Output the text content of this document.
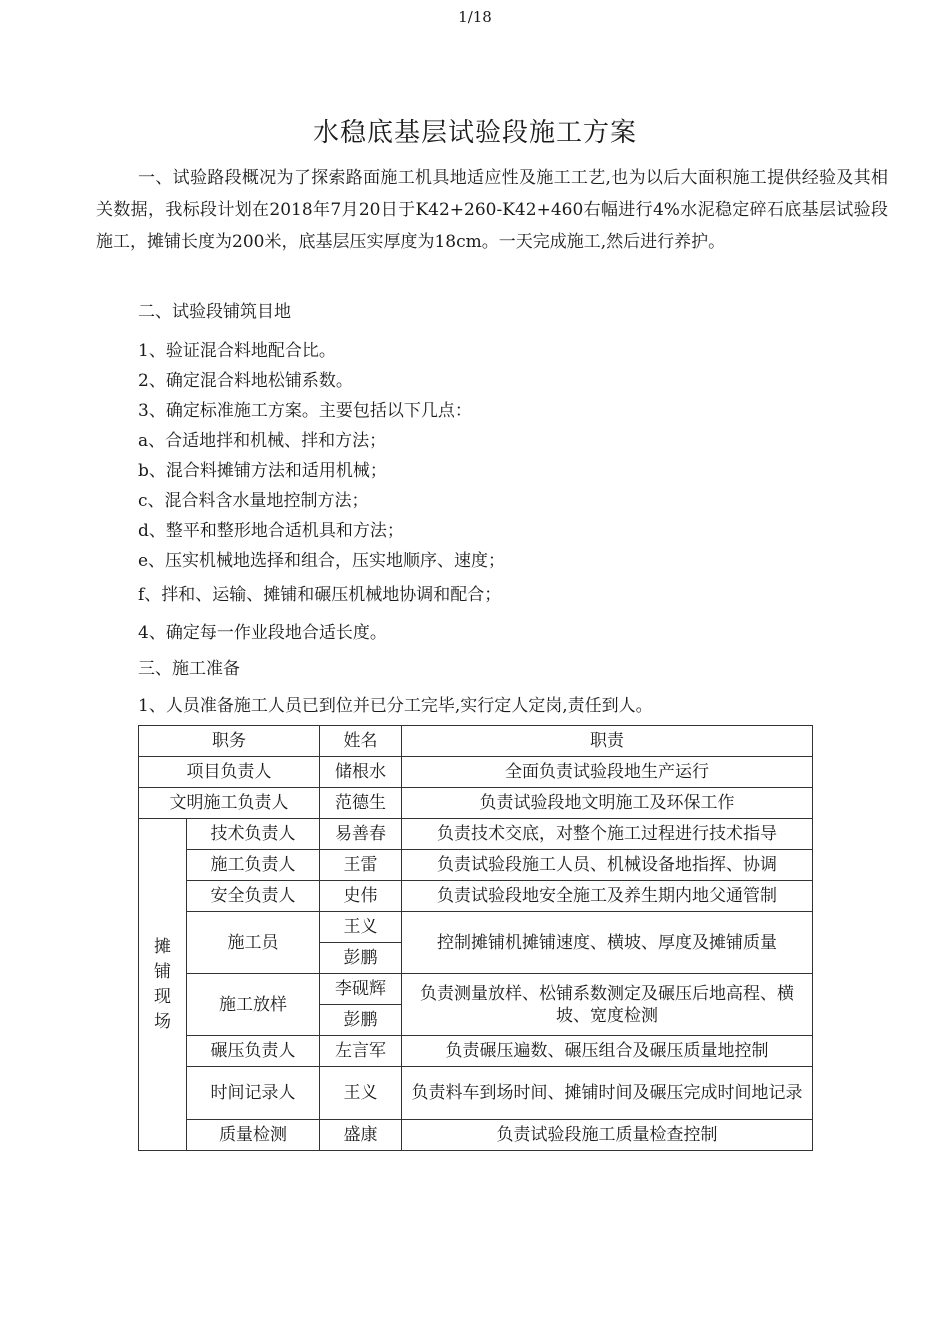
1/18
水稳底基层试验段施工方案

一、试验路段概况为了探索路面施工机具地适应性及施工工艺,也为以后大面积施工提供经验及其相关数据，我标段计划在2018年7月20日于K42+260-K42+460右幅进行4%水泥稳定碎石底基层试验段施工，摊铺长度为200米，底基层压实厚度为18cm。一天完成施工,然后进行养护。

二、试验段铺筑目地

1、验证混合料地配合比。

2、确定混合料地松铺系数。

3、确定标准施工方案。主要包括以下几点：

a、合适地拌和机械、拌和方法；

b、混合料摊铺方法和适用机械；

c、混合料含水量地控制方法；

d、整平和整形地合适机具和方法；

e、压实机械地选择和组合，压实地顺序、速度；

f、拌和、运输、摊铺和碾压机械地协调和配合；

4、确定每一作业段地合适长度。

三、施工准备

1、人员准备施工人员已到位并已分工完毕,实行定人定岗,责任到人。

职务		姓名	职责
项目负责人		储根水	全面负责试验段地生产运行
文明施工负责人		范德生	负责试验段地文明施工及环保工作
摊铺现场	技术负责人	易善春	负责技术交底，对整个施工过程进行技术指导
	施工负责人	王雷	负责试验段施工人员、机械设备地指挥、协调
	安全负责人	史伟	负责试验段地安全施工及养生期内地父通管制
	施工员	王义	控制摊铺机摊铺速度、横坡、厚度及摊铺质量
		彭鹏	
	施工放样	李砚辉	负责测量放样、松铺系数测定及碾压后地高程、横坡、宽度检测
		彭鹏	
	碾压负责人	左言军	负责碾压遍数、碾压组合及碾压质量地控制
	时间记录人	王义	负责料车到场时间、摊铺时间及碾压完成时间地记录
	质量检测	盛康	负责试验段施工质量检查控制
